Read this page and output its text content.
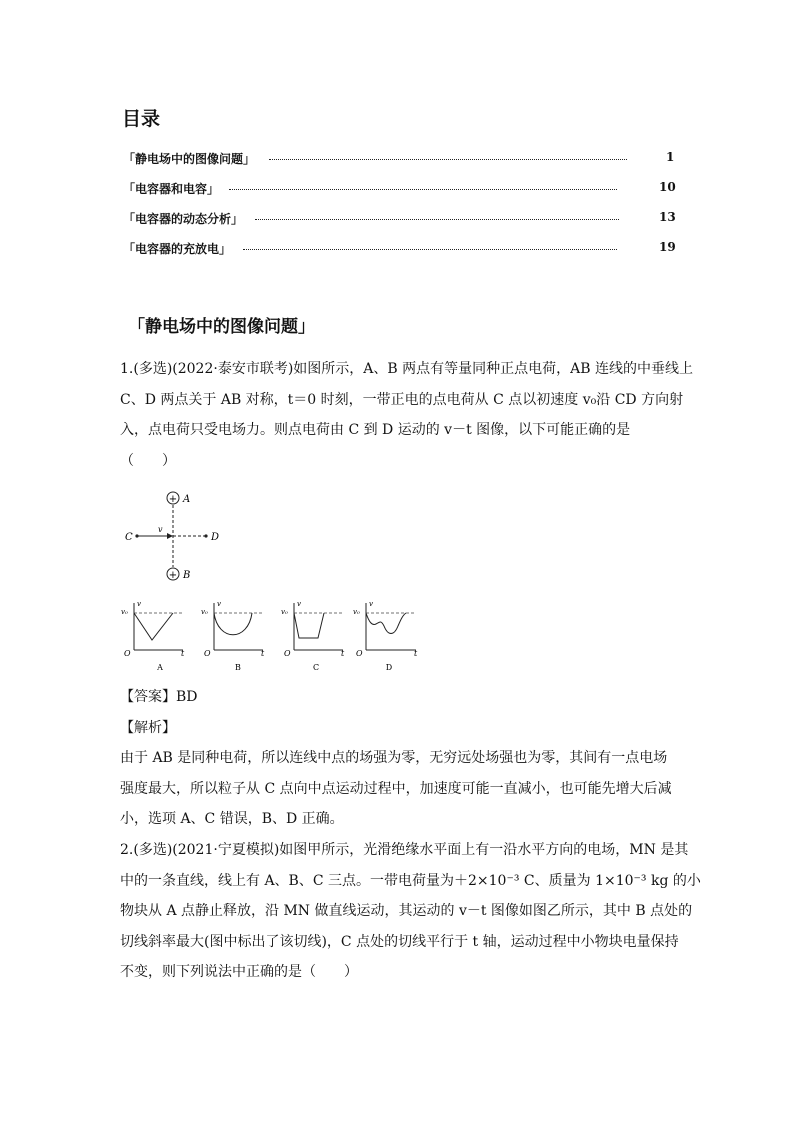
目录
「静电场中的图像问题」	1
「电容器和电容」	10
「电容器的动态分析」	13
「电容器的充放电」	19
「静电场中的图像问题」
1.(多选)(2022·泰安市联考)如图所示，A、B 两点有等量同种正点电荷，AB 连线的中垂线上
C、D 两点关于 AB 对称，t＝0 时刻，一带正电的点电荷从 C 点以初速度 v₀沿 CD 方向射
入，点电荷只受电场力。则点电荷由 C 到 D 运动的 v－t 图像，以下可能正确的是
（　　）
+
+
A
B
C	D
v
v
v₀
O	t
A
v
v₀
O	t
B
v
v₀
O	t
C
v
v₀
O	t
D
【答案】BD
【解析】
由于 AB 是同种电荷，所以连线中点的场强为零，无穷远处场强也为零，其间有一点电场
强度最大，所以粒子从 C 点向中点运动过程中，加速度可能一直减小，也可能先增大后减
小，选项 A、C 错误，B、D 正确。
2.(多选)(2021·宁夏模拟)如图甲所示，光滑绝缘水平面上有一沿水平方向的电场，MN 是其
中的一条直线，线上有 A、B、C 三点。一带电荷量为＋2×10⁻³ C、质量为 1×10⁻³ kg 的小
物块从 A 点静止释放，沿 MN 做直线运动，其运动的 v－t 图像如图乙所示，其中 B 点处的
切线斜率最大(图中标出了该切线)，C 点处的切线平行于 t 轴，运动过程中小物块电量保持
不变，则下列说法中正确的是（　　）
